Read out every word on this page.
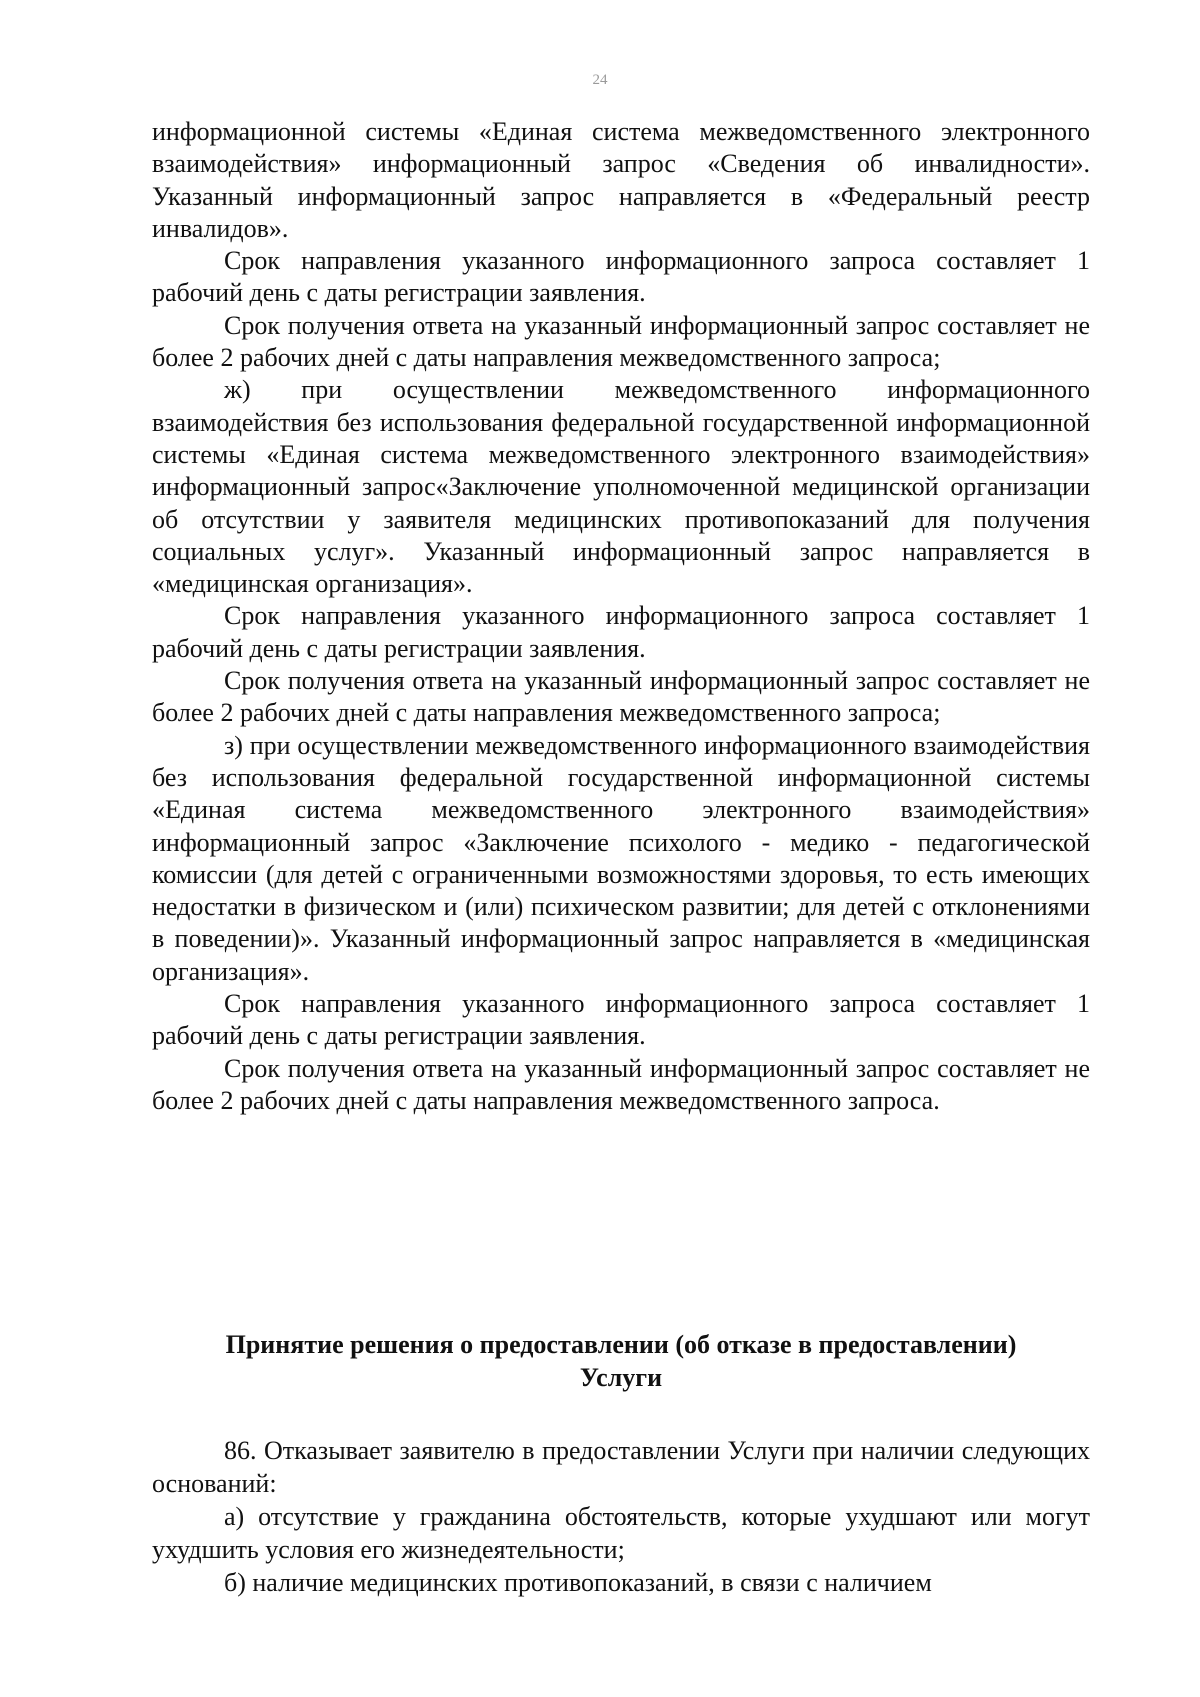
24

информационной системы «Единая система межведомственного электронного взаимодействия» информационный запрос «Сведения об инвалидности». Указанный информационный запрос направляется в «Федеральный реестр инвалидов».

Срок направления указанного информационного запроса составляет 1 рабочий день с даты регистрации заявления.

Срок получения ответа на указанный информационный запрос составляет не более 2 рабочих дней с даты направления межведомственного запроса;

ж) при осуществлении межведомственного информационного взаимодействия без использования федеральной государственной информационной системы «Единая система межведомственного электронного взаимодействия» информационный запрос«Заключение уполномоченной медицинской организации об отсутствии у заявителя медицинских противопоказаний для получения социальных услуг». Указанный информационный запрос направляется в «медицинская организация».

Срок направления указанного информационного запроса составляет 1 рабочий день с даты регистрации заявления.

Срок получения ответа на указанный информационный запрос составляет не более 2 рабочих дней с даты направления межведомственного запроса;

з) при осуществлении межведомственного информационного взаимодействия без использования федеральной государственной информационной системы «Единая система межведомственного электронного взаимодействия» информационный запрос «Заключение психолого - медико - педагогической комиссии (для детей с ограниченными возможностями здоровья, то есть имеющих недостатки в физическом и (или) психическом развитии; для детей с отклонениями в поведении)». Указанный информационный запрос направляется в «медицинская организация».

Срок направления указанного информационного запроса составляет 1 рабочий день с даты регистрации заявления.

Срок получения ответа на указанный информационный запрос составляет не более 2 рабочих дней с даты направления межведомственного запроса.

Принятие решения о предоставлении (об отказе в предоставлении)
Услуги

86. Отказывает заявителю в предоставлении Услуги при наличии следующих оснований:

а) отсутствие у гражданина обстоятельств, которые ухудшают или могут ухудшить условия его жизнедеятельности;

б) наличие медицинских противопоказаний, в связи с наличием
